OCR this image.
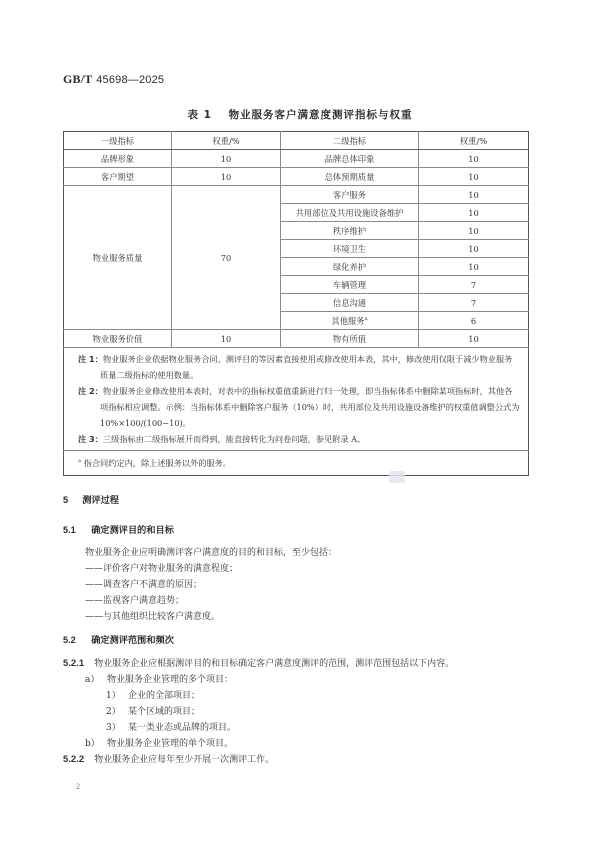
GB/T 45698—2025
表 1 物业服务客户满意度测评指标与权重
一级指标	权重/%	二级指标	权重/%
品牌形象	10	品牌总体印象	10
客户期望	10	总体预期质量	10
物业服务质量	70	客户服务	10
		共用部位及共用设施设备维护	10
		秩序维护	10
		环境卫生	10
		绿化养护	10
		车辆管理	7
		信息沟通	7
		其他服务$^a$	6
物业服务价值	10	物有所值	10

注 1：物业服务企业依据物业服务合同、测评目的等因素直接使用或修改使用本表，其中，修改使用仅限于减少物业服务质量二级指标的使用数量。
注 2：物业服务企业修改使用本表时，对表中的指标权重值重新进行归一处理，即当指标体系中删除某项指标时，其他各项指标相应调整。示例：当指标体系中删除客户服务（10%）时，共用部位及共用设施设备维护的权重值调整公式为 10%×100/(100−10)。
注 3：三级指标由二级指标展开而得到，能直接转化为问卷问题，参见附录 A。			

$^a$ 指合同约定内，除上述服务以外的服务。			
5 测评过程
5.1 确定测评目的和目标
物业服务企业应明确测评客户满意度的目的和目标，至少包括：
——评价客户对物业服务的满意程度；
——调查客户不满意的原因；
——监视客户满意趋势；
——与其他组织比较客户满意度。
5.2 确定测评范围和频次
5.2.1 物业服务企业应根据测评目的和目标确定客户满意度测评的范围，测评范围包括以下内容。
a） 物业服务企业管理的多个项目：
1） 企业的全部项目；
2） 某个区域的项目；
3） 某一类业态或品牌的项目。
b） 物业服务企业管理的单个项目。
5.2.2 物业服务企业应每年至少开展一次测评工作。
2
